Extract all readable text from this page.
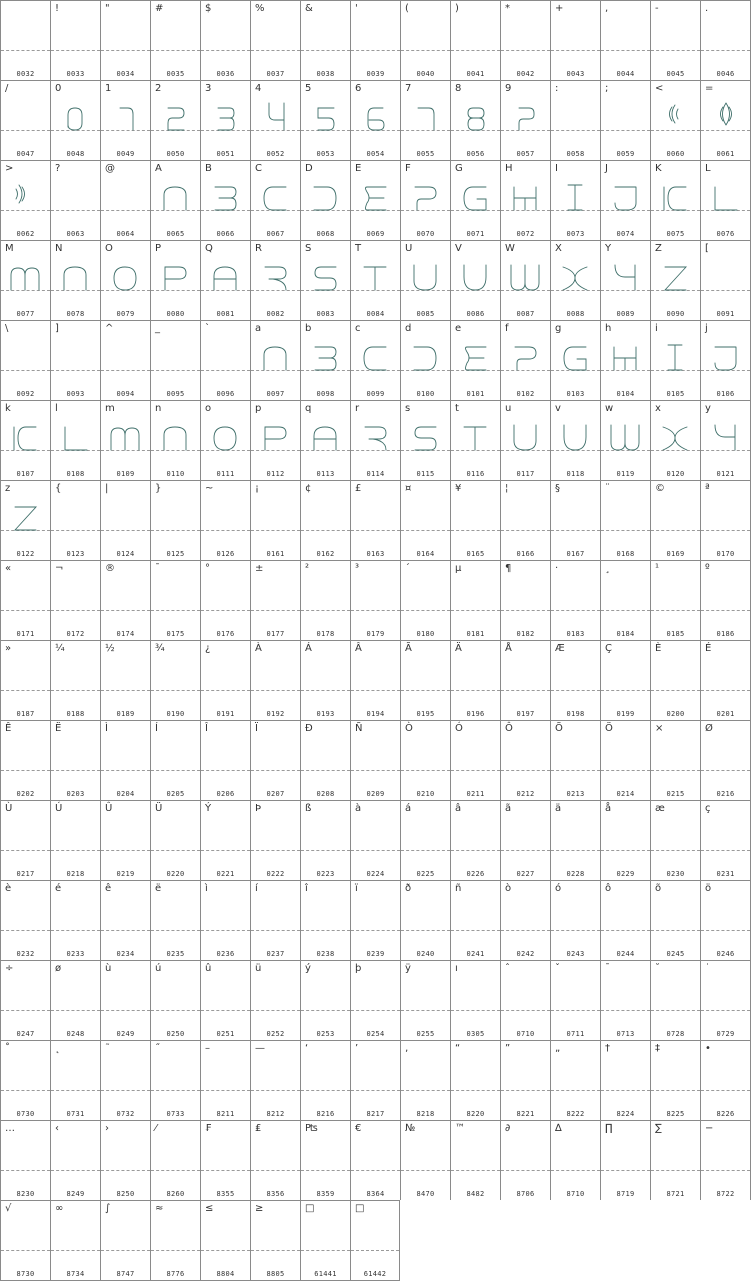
0032
!
0033
"
0034
#
0035
$
0036
%
0037
&
0038
'
0039
(
0040
)
0041
*
0042
+
0043
,
0044
-
0045
.
0046
/
0047
0
0048
1
0049
2
0050
3
0051
4
0052
5
0053
6
0054
7
0055
8
0056
9
0057
:
0058
;
0059
<
0060
=
0061
>
0062
?
0063
@
0064
A
0065
B
0066
C
0067
D
0068
E
0069
F
0070
G
0071
H
0072
I
0073
J
0074
K
0075
L
0076
M
0077
N
0078
O
0079
P
0080
Q
0081
R
0082
S
0083
T
0084
U
0085
V
0086
W
0087
X
0088
Y
0089
Z
0090
[
0091
\
0092
]
0093
^
0094
_
0095
`
0096
a
0097
b
0098
c
0099
d
0100
e
0101
f
0102
g
0103
h
0104
i
0105
j
0106
k
0107
l
0108
m
0109
n
0110
o
0111
p
0112
q
0113
r
0114
s
0115
t
0116
u
0117
v
0118
w
0119
x
0120
y
0121
z
0122
{
0123
|
0124
}
0125
~
0126
¡
0161
¢
0162
£
0163
¤
0164
¥
0165
¦
0166
§
0167
¨
0168
©
0169
ª
0170
«
0171
¬
0172
®
0174
¯
0175
°
0176
±
0177
²
0178
³
0179
´
0180
µ
0181
¶
0182
·
0183
¸
0184
¹
0185
º
0186
»
0187
¼
0188
½
0189
¾
0190
¿
0191
À
0192
Á
0193
Â
0194
Ã
0195
Ä
0196
Å
0197
Æ
0198
Ç
0199
È
0200
É
0201
Ê
0202
Ë
0203
Ì
0204
Í
0205
Î
0206
Ï
0207
Ð
0208
Ñ
0209
Ò
0210
Ó
0211
Ô
0212
Õ
0213
Ö
0214
×
0215
Ø
0216
Ù
0217
Ú
0218
Û
0219
Ü
0220
Ý
0221
Þ
0222
ß
0223
à
0224
á
0225
â
0226
ã
0227
ä
0228
å
0229
æ
0230
ç
0231
è
0232
é
0233
ê
0234
ë
0235
ì
0236
í
0237
î
0238
ï
0239
ð
0240
ñ
0241
ò
0242
ó
0243
ô
0244
õ
0245
ö
0246
÷
0247
ø
0248
ù
0249
ú
0250
û
0251
ü
0252
ý
0253
þ
0254
ÿ
0255
ı
0305
ˆ
0710
ˇ
0711
ˉ
0713
˘
0728
˙
0729
˚
0730
˛
0731
˜
0732
˝
0733
–
8211
—
8212
‘
8216
’
8217
‚
8218
“
8220
”
8221
„
8222
†
8224
‡
8225
•
8226
…
8230
‹
8249
›
8250
⁄
8260
₣
8355
₤
8356
₧
8359
€
8364
№
8470
™
8482
∂
8706
∆
8710
∏
8719
∑
8721
−
8722
√
8730
∞
8734
∫
8747
≈
8776
≤
8804
≥
8805
□
61441
□
61442
